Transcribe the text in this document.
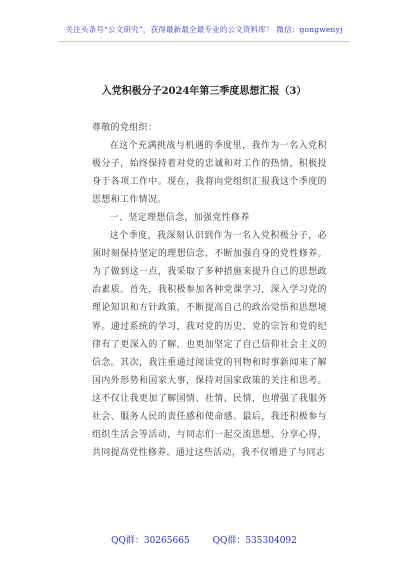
关注头条号“公文研究”，获得最新最全最专业的公文资料库！ 微信：gongwenyj
入党积极分子2024年第三季度思想汇报（3）

尊敬的党组织：

在这个充满挑战与机遇的季度里，我作为一名入党积极分子，始终保持着对党的忠诚和对工作的热情，积极投身于各项工作中。现在，我将向党组织汇报我这个季度的思想和工作情况。

一、坚定理想信念，加强党性修养

这个季度，我深刻认识到作为一名入党积极分子，必须时刻保持坚定的理想信念，不断加强自身的党性修养。为了做到这一点，我采取了多种措施来提升自己的思想政治素质。首先，我积极参加各种党课学习，深入学习党的理论知识和方针政策，不断提高自己的政治觉悟和思想境界。通过系统的学习，我对党的历史、党的宗旨和党的纪律有了更深入的了解，也更加坚定了自己信仰社会主义的信念。其次，我注重通过阅读党的刊物和时事新闻来了解国内外形势和国家大事，保持对国家政策的关注和思考。这不仅让我更加了解国情、社情、民情，也增强了我服务社会、服务人民的责任感和使命感。最后，我还积极参与组织生活会等活动，与同志们一起交流思想、分享心得，共同提高党性修养。通过这些活动，我不仅增进了与同志

QQ群：30265665	QQ群：535304092
